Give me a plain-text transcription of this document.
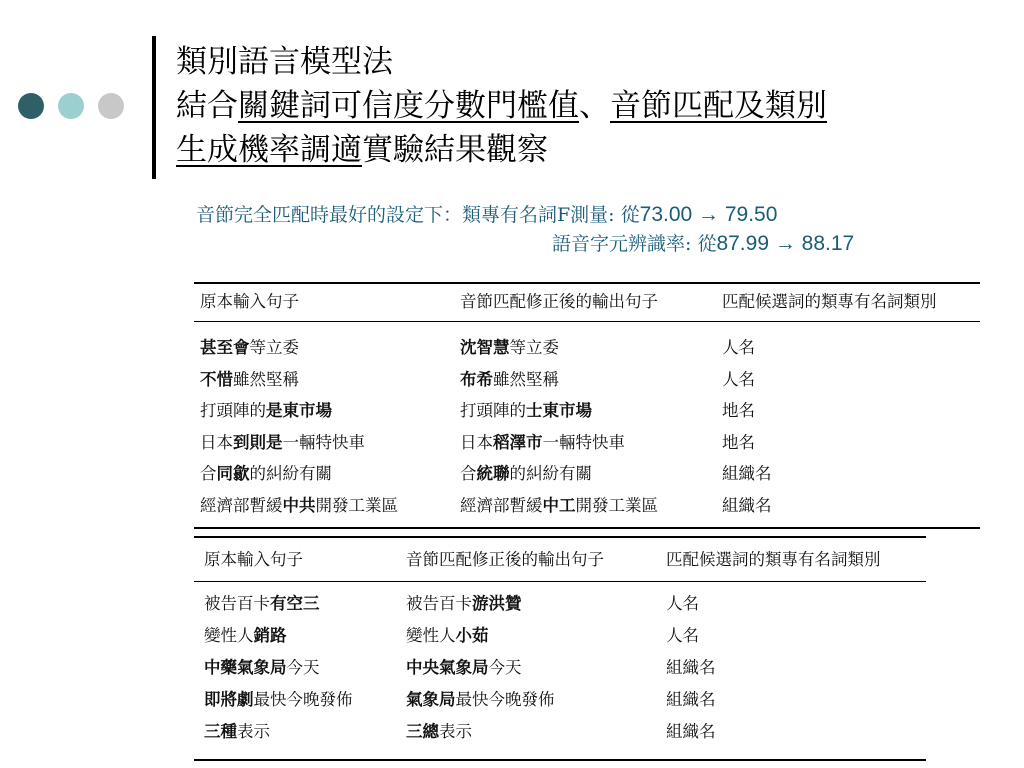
類別語言模型法
結合關鍵詞可信度分數門檻值、音節匹配及類別
生成機率調適實驗結果觀察
音節完全匹配時最好的設定下：類專有名詞F測量: 從73.00 → 79.50
語音字元辨識率: 從87.99 → 88.17
原本輸入句子	音節匹配修正後的輸出句子	匹配候選詞的類專有名詞類別
甚至會等立委	沈智慧等立委	人名
不惜雖然堅稱	布希雖然堅稱	人名
打頭陣的是東市場	打頭陣的士東市場	地名
日本到則是一輛特快車	日本稻澤市一輛特快車	地名
合同歙的糾紛有關	合統聯的糾紛有關	組織名
經濟部暫緩中共開發工業區	經濟部暫緩中工開發工業區	組織名
原本輸入句子	音節匹配修正後的輸出句子	匹配候選詞的類專有名詞類別
被告百卡有空三	被告百卡游洪贊	人名
變性人銷路	變性人小茹	人名
中藥氣象局今天	中央氣象局今天	組織名
即將劇最快今晚發佈	氣象局最快今晚發佈	組織名
三種表示	三總表示	組織名
